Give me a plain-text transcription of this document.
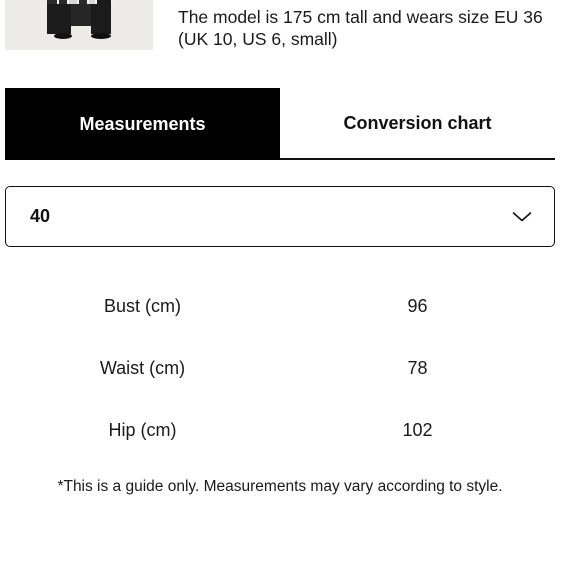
The model is 175 cm tall and wears size EU 36 (UK 10, US 6, small)
Measurements	Conversion chart
40
Bust (cm)	96
Waist (cm)	78
Hip (cm)	102
*This is a guide only. Measurements may vary according to style.
